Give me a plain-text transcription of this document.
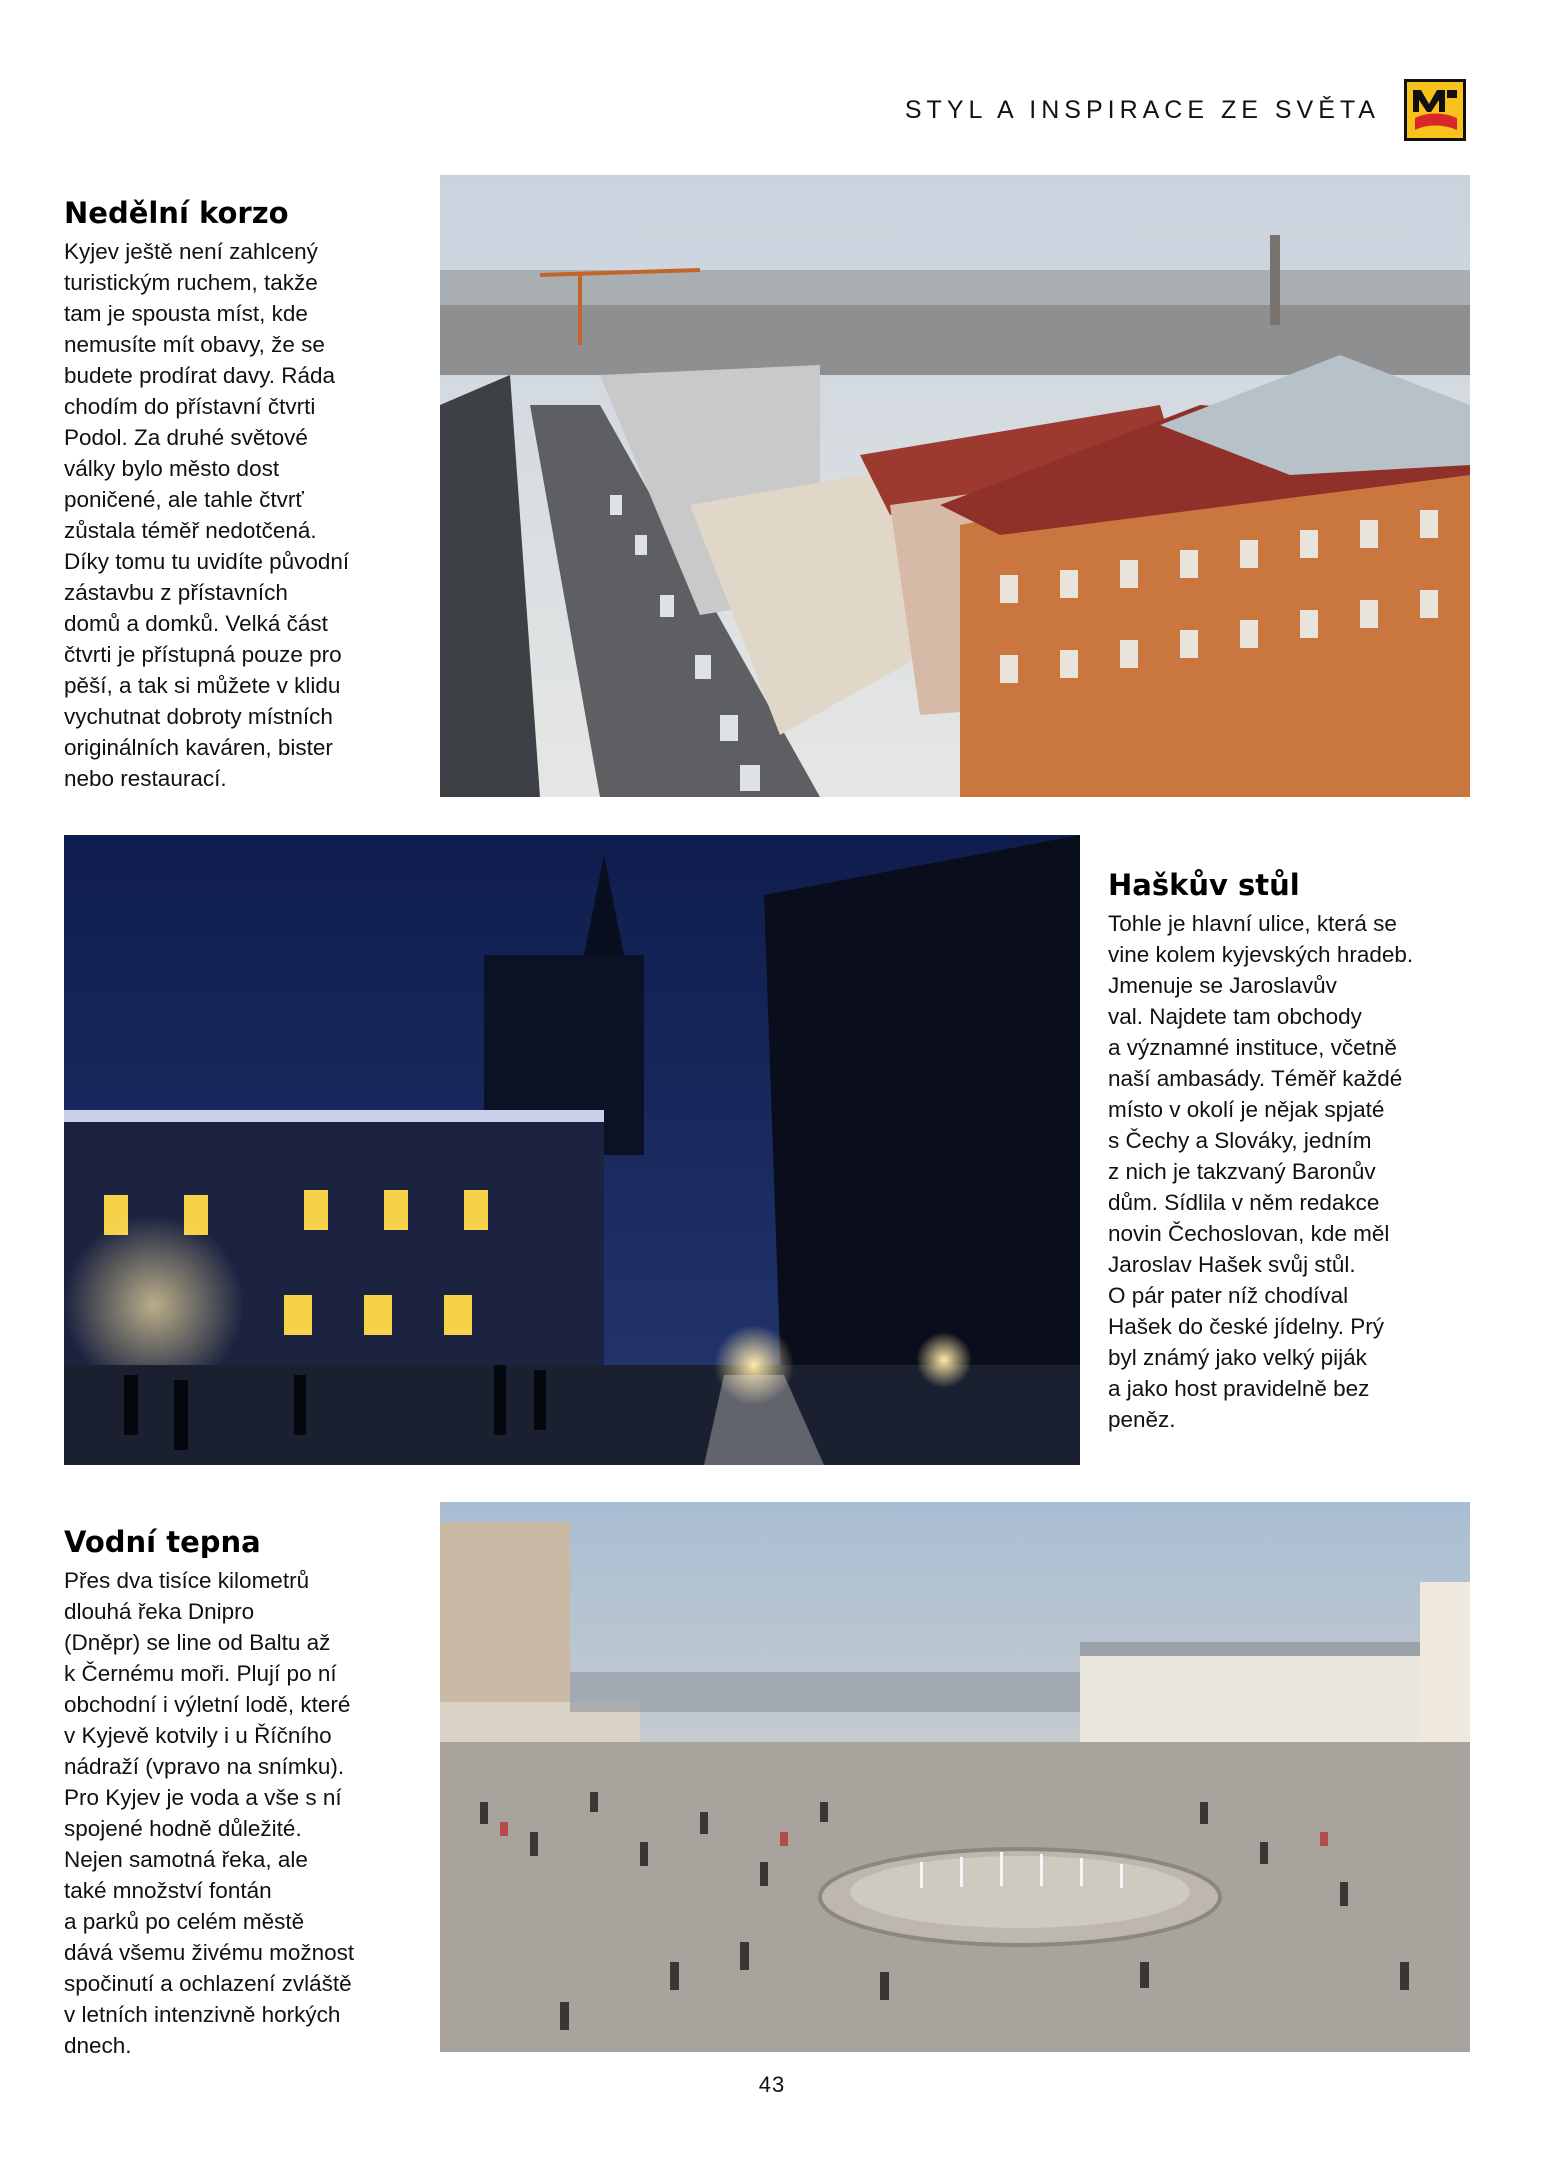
STYL A INSPIRACE ZE SVĚTA
Nedělní korzo

Kyjev ještě není zahlcený
turistickým ruchem, takže
tam je spousta míst, kde
nemusíte mít obavy, že se
budete prodírat davy. Ráda
chodím do přístavní čtvrti
Podol. Za druhé světové
války bylo město dost
poničené, ale tahle čtvrť
zůstala téměř nedotčená.
Díky tomu tu uvidíte původní
zástavbu z přístavních
domů a domků. Velká část
čtvrti je přístupná pouze pro
pěší, a tak si můžete v klidu
vychutnat dobroty místních
originálních kaváren, bister
nebo restaurací.

Haškův stůl

Tohle je hlavní ulice, která se
vine kolem kyjevských hradeb.
Jmenuje se Jaroslavův
val. Najdete tam obchody
a významné instituce, včetně
naší ambasády. Téměř každé
místo v okolí je nějak spjaté
s Čechy a Slováky, jedním
z nich je takzvaný Baronův
dům. Sídlila v něm redakce
novin Čechoslovan, kde měl
Jaroslav Hašek svůj stůl.
O pár pater níž chodíval
Hašek do české jídelny. Prý
byl známý jako velký piják
a jako host pravidelně bez
peněz.

Vodní tepna

Přes dva tisíce kilometrů
dlouhá řeka Dnipro
(Dněpr) se line od Baltu až
k Černému moři. Plují po ní
obchodní i výletní lodě, které
v Kyjevě kotvily i u Říčního
nádraží (vpravo na snímku).
Pro Kyjev je voda a vše s ní
spojené hodně důležité.
Nejen samotná řeka, ale
také množství fontán
a parků po celém městě
dává všemu živému možnost
spočinutí a ochlazení zvláště
v letních intenzivně horkých
dnech.

43
